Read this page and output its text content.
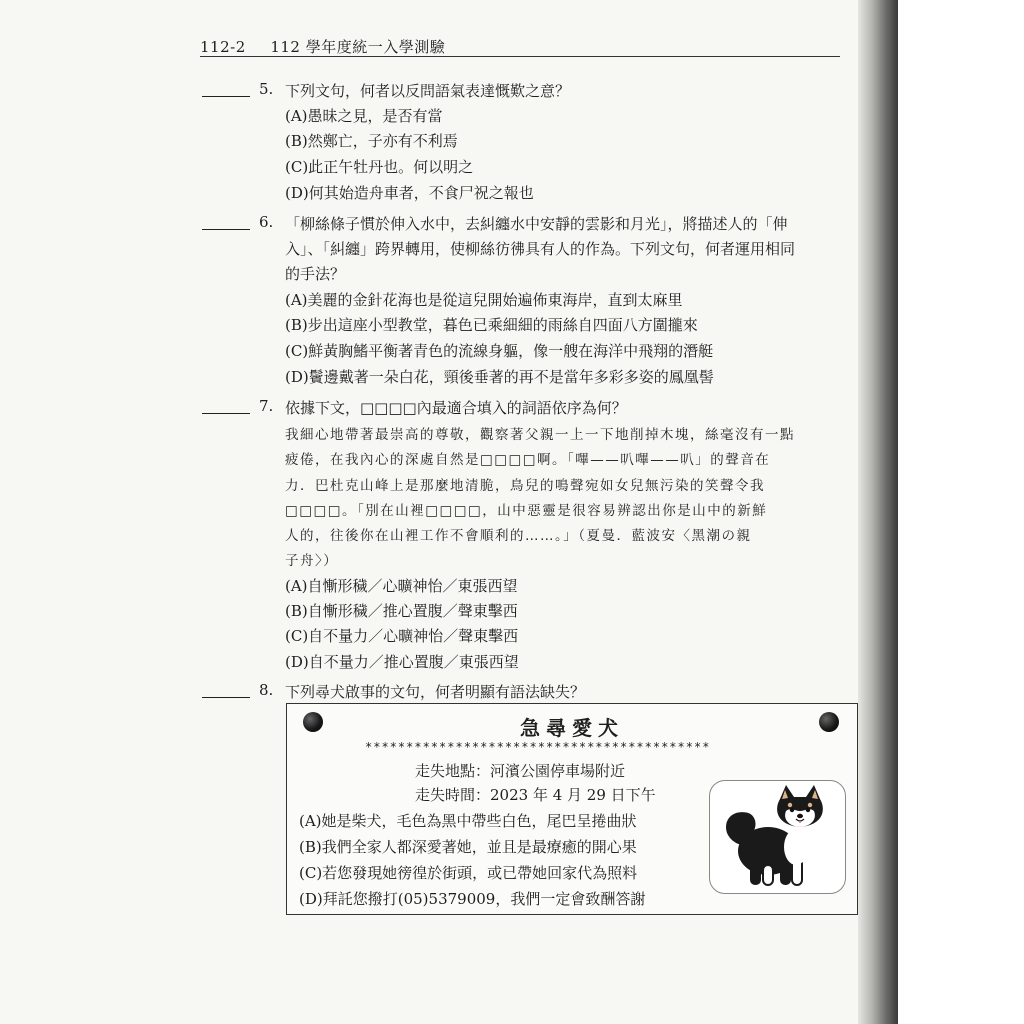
112-2 112 學年度統一入學測驗
5. 下列文句，何者以反問語氣表達慨歎之意？
(A)愚昧之見，是否有當
(B)然鄭亡，子亦有不利焉
(C)此正午牡丹也。何以明之
(D)何其始造舟車者，不食尸祝之報也
6. 「柳絲條子慣於伸入水中，去糾纏水中安靜的雲影和月光」，將描述人的「伸
入」、「糾纏」跨界轉用，使柳絲彷彿具有人的作為。下列文句，何者運用相同
的手法？
(A)美麗的金針花海也是從這兒開始遍佈東海岸，直到太麻里
(B)步出這座小型教堂，暮色已乘細細的雨絲自四面八方圍攏來
(C)鮮黃胸鰭平衡著青色的流線身軀，像一艘在海洋中飛翔的潛艇
(D)鬢邊戴著一朵白花，頸後垂著的再不是當年多彩多姿的鳳凰髻
7. 依據下文，□□□□內最適合填入的詞語依序為何？
我細心地帶著最崇高的尊敬，觀察著父親一上一下地削掉木塊，絲毫沒有一點
疲倦，在我內心的深處自然是□□□□啊。「嗶——叭嗶——叭」的聲音在
力．巴杜克山峰上是那麼地清脆，鳥兒的鳴聲宛如女兒無污染的笑聲令我
□□□□。「別在山裡□□□□，山中惡靈是很容易辨認出你是山中的新鮮
人的，往後你在山裡工作不會順利的……。」（夏曼．藍波安〈黑潮の親
子舟〉）
(A)自慚形穢／心曠神怡／東張西望
(B)自慚形穢／推心置腹／聲東擊西
(C)自不量力／心曠神怡／聲東擊西
(D)自不量力／推心置腹／東張西望
8. 下列尋犬啟事的文句，何者明顯有語法缺失？
急尋愛犬
******************************************
走失地點：河濱公園停車場附近
走失時間：2023 年 4 月 29 日下午
(A)她是柴犬，毛色為黑中帶些白色，尾巴呈捲曲狀
(B)我們全家人都深愛著她，並且是最療癒的開心果
(C)若您發現她徬徨於街頭，或已帶她回家代為照料
(D)拜託您撥打(05)5379009，我們一定會致酬答謝
